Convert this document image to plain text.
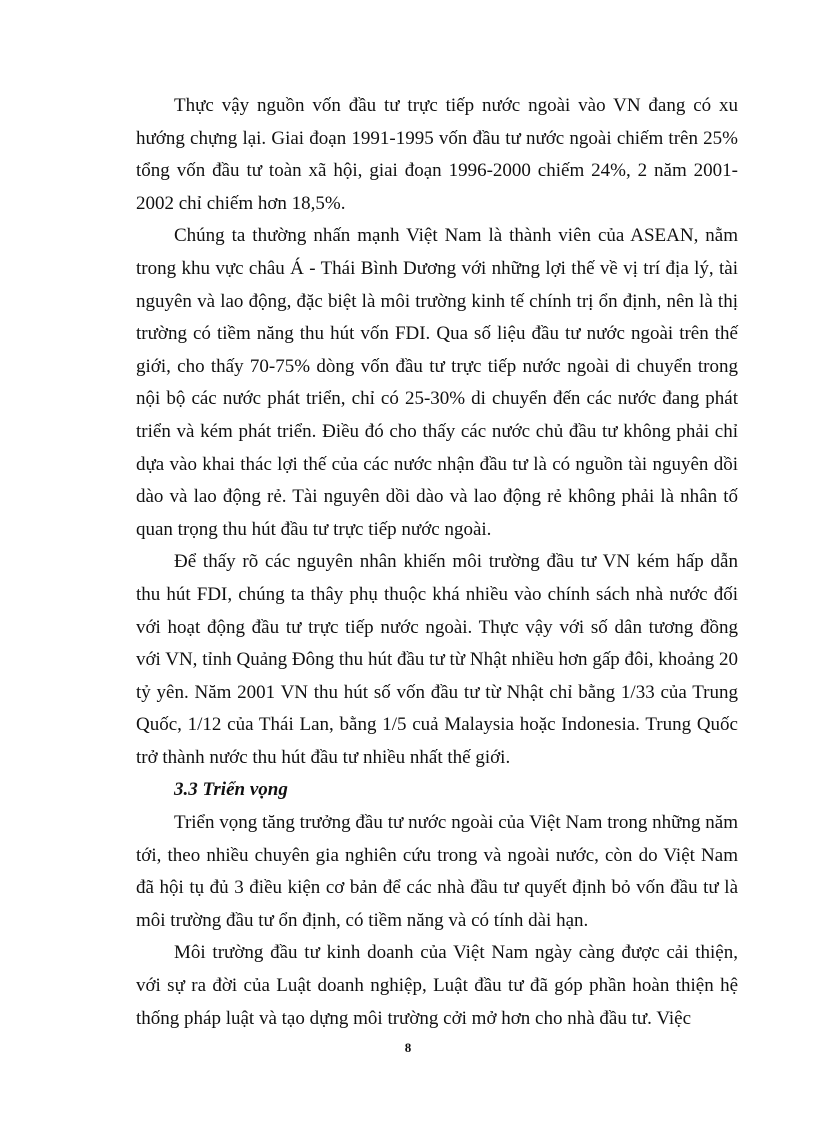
Thực vậy nguồn vốn đầu tư trực tiếp nước ngoài vào VN đang có xu hướng chựng lại. Giai đoạn 1991-1995 vốn đầu tư nước ngoài chiếm trên 25% tổng vốn đầu tư toàn xã hội, giai đoạn 1996-2000 chiếm 24%, 2 năm 2001-2002 chỉ chiếm hơn 18,5%.

Chúng ta thường nhấn mạnh Việt Nam là thành viên của ASEAN, nằm trong khu vực châu Á - Thái Bình Dương với những lợi thế về vị trí địa lý, tài nguyên và lao động, đặc biệt là môi trường kinh tế chính trị ổn định, nên là thị trường có tiềm năng thu hút vốn FDI. Qua số liệu đầu tư nước ngoài trên thế giới, cho thấy 70-75% dòng vốn đầu tư trực tiếp nước ngoài di chuyển trong nội bộ các nước phát triển, chỉ có 25-30% di chuyển đến các nước đang phát triển và kém phát triển. Điều đó cho thấy các nước chủ đầu tư không phải chỉ dựa vào khai thác lợi thế của các nước nhận đầu tư là có nguồn tài nguyên dồi dào và lao động rẻ. Tài nguyên dồi dào và lao động rẻ không phải là nhân tố quan trọng thu hút đầu tư trực tiếp nước ngoài.

Để thấy rõ các nguyên nhân khiến môi trường đầu tư VN kém hấp dẫn thu hút FDI, chúng ta thây phụ thuộc khá nhiều vào chính sách nhà nước đối với hoạt động đầu tư trực tiếp nước ngoài. Thực vậy với số dân tương đồng với VN, tỉnh Quảng Đông thu hút đầu tư từ Nhật nhiều hơn gấp đôi, khoảng 20 tỷ yên. Năm 2001 VN thu hút số vốn đầu tư từ Nhật chỉ bằng 1/33 của Trung Quốc, 1/12 của Thái Lan, bằng 1/5 cuả Malaysia hoặc Indonesia. Trung Quốc trở thành nước thu hút đầu tư nhiều nhất thế giới.

3.3 Triển vọng

Triển vọng tăng trưởng đầu tư nước ngoài của Việt Nam trong những năm tới, theo nhiều chuyên gia nghiên cứu trong và ngoài nước, còn do Việt Nam đã hội tụ đủ 3 điều kiện cơ bản để các nhà đầu tư quyết định bỏ vốn đầu tư là môi trường đầu tư ổn định, có tiềm năng và có tính dài hạn.

Môi trường đầu tư kinh doanh của Việt Nam ngày càng được cải thiện, với sự ra đời của Luật doanh nghiệp, Luật đầu tư đã góp phần hoàn thiện hệ thống pháp luật và tạo dựng môi trường cởi mở hơn cho nhà đầu tư. Việc

8
